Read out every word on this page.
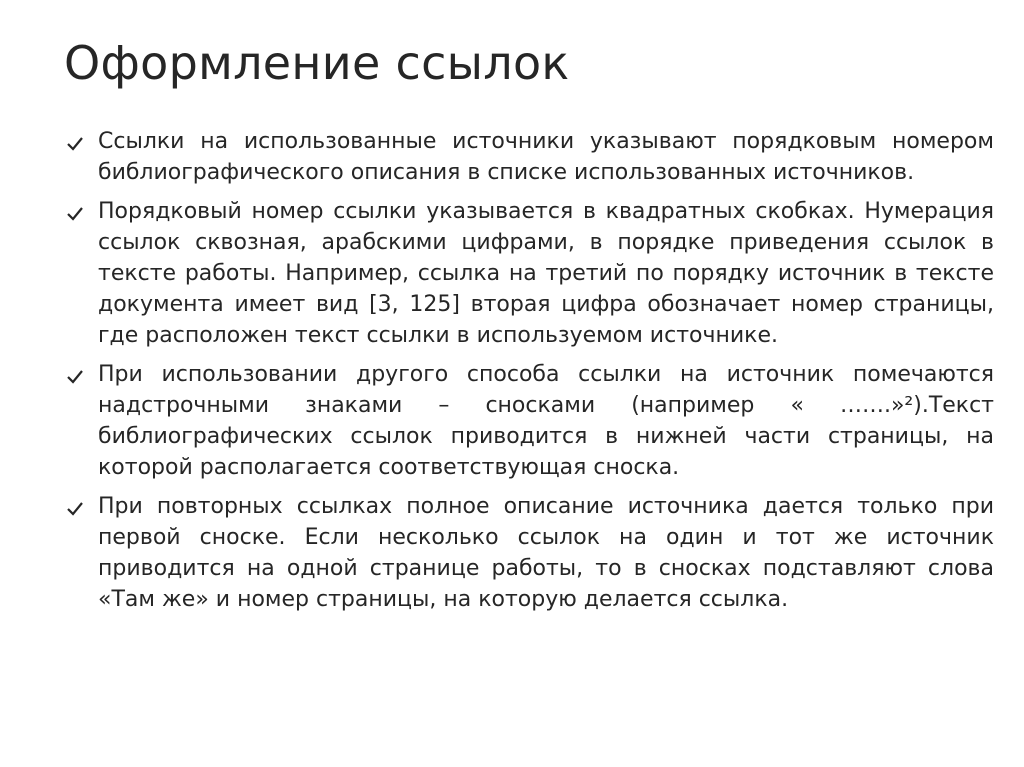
Оформление ссылок

Ссылки на использованные источники указывают порядковым номером библиографического описания в списке использованных источников.

Порядковый номер ссылки указывается в квадратных скобках. Нумерация ссылок сквозная, арабскими цифрами, в порядке приведения ссылок в тексте работы. Например, ссылка на третий по порядку источник в тексте документа имеет вид [3, 125] вторая цифра обозначает номер страницы, где расположен текст ссылки в используемом источнике.

При использовании другого способа ссылки на источник помечаются надстрочными знаками – сносками (например « …….»²).Текст библиографических ссылок приводится в нижней части страницы, на которой располагается соответствующая сноска.

При повторных ссылках полное описание источника дается только при первой сноске. Если несколько ссылок на один и тот же источник приводится на одной странице работы, то в сносках подставляют слова «Там же» и номер страницы, на которую делается ссылка.
